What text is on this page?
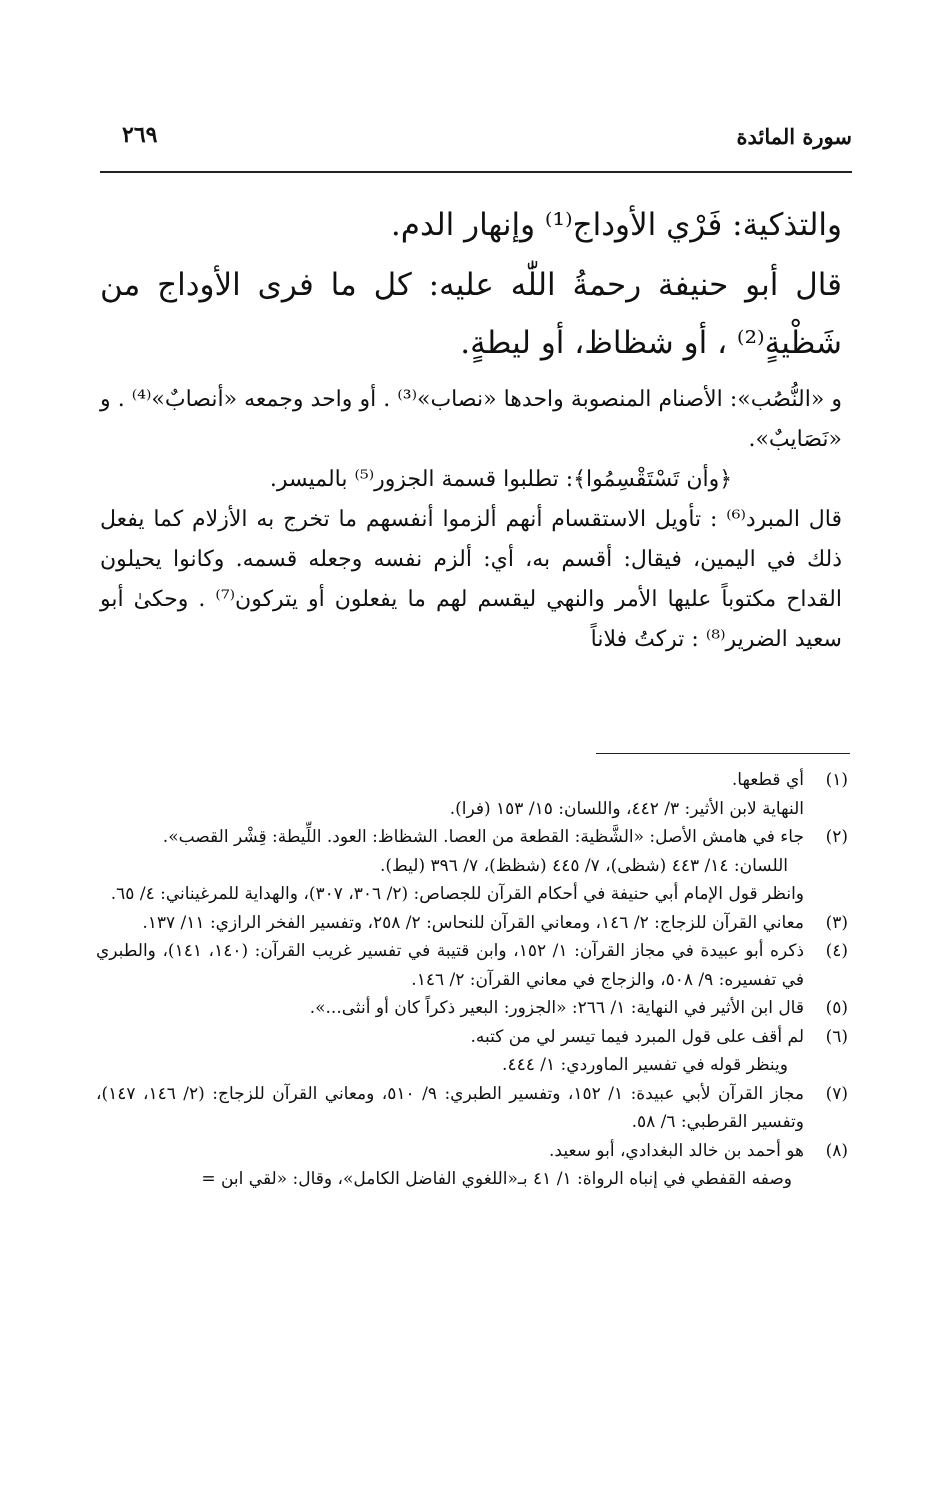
سورة المائدة
٢٦٩

والتذكية: فَرْي الأوداج⁽¹⁾ وإنهار الدم.

قال أبو حنيفة رحمةُ اللّٰه عليه: كل ما فرى الأوداج من شَظْيةٍ⁽²⁾ ، أو شظاظ، أو ليطةٍ.

و «النُّصُب»: الأصنام المنصوبة واحدها «نصاب»⁽³⁾ . أو واحد وجمعه «أنصابٌ»⁽⁴⁾ . و «نَصَايبٌ».

﴿وأن تَسْتَقْسِمُوا﴾: تطلبوا قسمة الجزور⁽⁵⁾ بالميسر.

قال المبرد⁽⁶⁾ : تأويل الاستقسام أنهم ألزموا أنفسهم ما تخرج به الأزلام كما يفعل ذلك في اليمين، فيقال: أقسم به، أي: ألزم نفسه وجعله قسمه. وكانوا يحيلون القداح مكتوباً عليها الأمر والنهي ليقسم لهم ما يفعلون أو يتركون⁽⁷⁾ . وحكىٰ أبو سعيد الضرير⁽⁸⁾ : تركتُ فلاناً

(١)
أي قطعها.
النهاية لابن الأثير: ٣/ ٤٤٢، واللسان: ١٥/ ١٥٣ (فرا).
(٢)
جاء في هامش الأصل: «الشَّظية: القطعة من العصا. الشظاظ: العود. اللِّيطة: قِشْر القصب».
اللسان: ١٤/ ٤٤٣ (شظى)، ٧/ ٤٤٥ (شظظ)، ٧/ ٣٩٦ (ليط).
وانظر قول الإمام أبي حنيفة في أحكام القرآن للجصاص: (٢/ ٣٠٦، ٣٠٧)، والهداية للمرغيناني: ٤/ ٦٥.
(٣)
معاني القرآن للزجاج: ٢/ ١٤٦، ومعاني القرآن للنحاس: ٢/ ٢٥٨، وتفسير الفخر الرازي: ١١/ ١٣٧.
(٤)
ذكره أبو عبيدة في مجاز القرآن: ١/ ١٥٢، وابن قتيبة في تفسير غريب القرآن: (١٤٠، ١٤١)، والطبري في تفسيره: ٩/ ٥٠٨، والزجاج في معاني القرآن: ٢/ ١٤٦.
(٥)
قال ابن الأثير في النهاية: ١/ ٢٦٦: «الجزور: البعير ذكراً كان أو أنثى...».
(٦)
لم أقف على قول المبرد فيما تيسر لي من كتبه.
وينظر قوله في تفسير الماوردي: ١/ ٤٤٤.
(٧)
مجاز القرآن لأبي عبيدة: ١/ ١٥٢، وتفسير الطبري: ٩/ ٥١٠، ومعاني القرآن للزجاج: (٢/ ١٤٦، ١٤٧)، وتفسير القرطبي: ٦/ ٥٨.
(٨)
هو أحمد بن خالد البغدادي، أبو سعيد.
وصفه القفطي في إنباه الرواة: ١/ ٤١ بـ«اللغوي الفاضل الكامل»، وقال: «لقي ابن =
